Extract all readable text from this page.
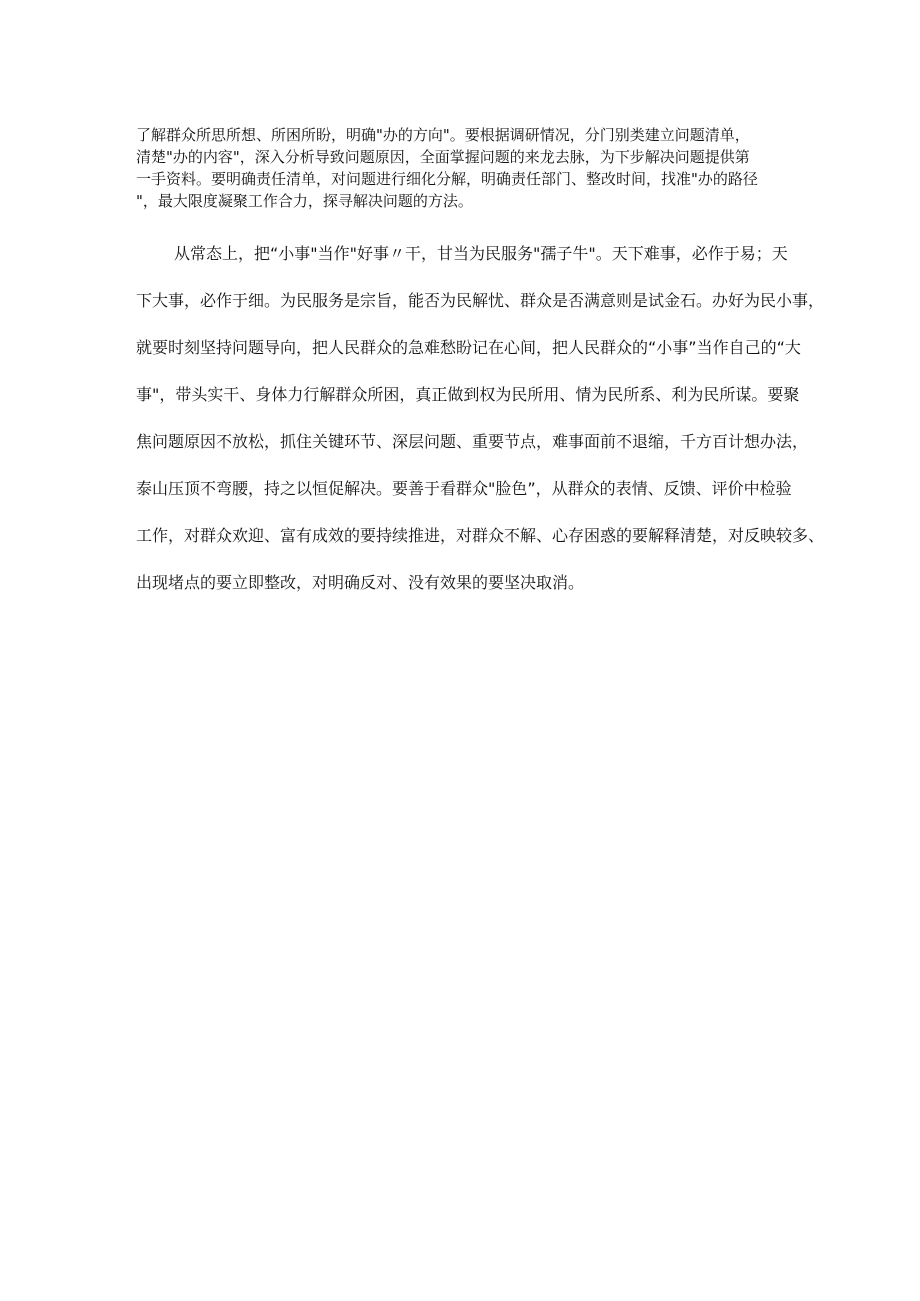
了解群众所思所想、所困所盼，明确"办的方向"。要根据调研情况，分门别类建立问题清单，
清楚"办的内容"，深入分析导致问题原因，全面掌握问题的来龙去脉，为下步解决问题提供第
一手资料。要明确责任清单，对问题进行细化分解，明确责任部门、整改时间，找准"办的路径
"，最大限度凝聚工作合力，探寻解决问题的方法。
从常态上，把“小事"当作"好事〃干，甘当为民服务"孺子牛"。天下难事，必作于易；天
下大事，必作于细。为民服务是宗旨，能否为民解忧、群众是否满意则是试金石。办好为民小事，
就要时刻坚持问题导向，把人民群众的急难愁盼记在心间，把人民群众的“小事”当作自己的“大
事"，带头实干、身体力行解群众所困，真正做到权为民所用、情为民所系、利为民所谋。要聚
焦问题原因不放松，抓住关键环节、深层问题、重要节点，难事面前不退缩，千方百计想办法，
泰山压顶不弯腰，持之以恒促解决。要善于看群众"脸色”，从群众的表情、反馈、评价中检验
工作，对群众欢迎、富有成效的要持续推进，对群众不解、心存困惑的要解释清楚，对反映较多、
出现堵点的要立即整改，对明确反对、没有效果的要坚决取消。
